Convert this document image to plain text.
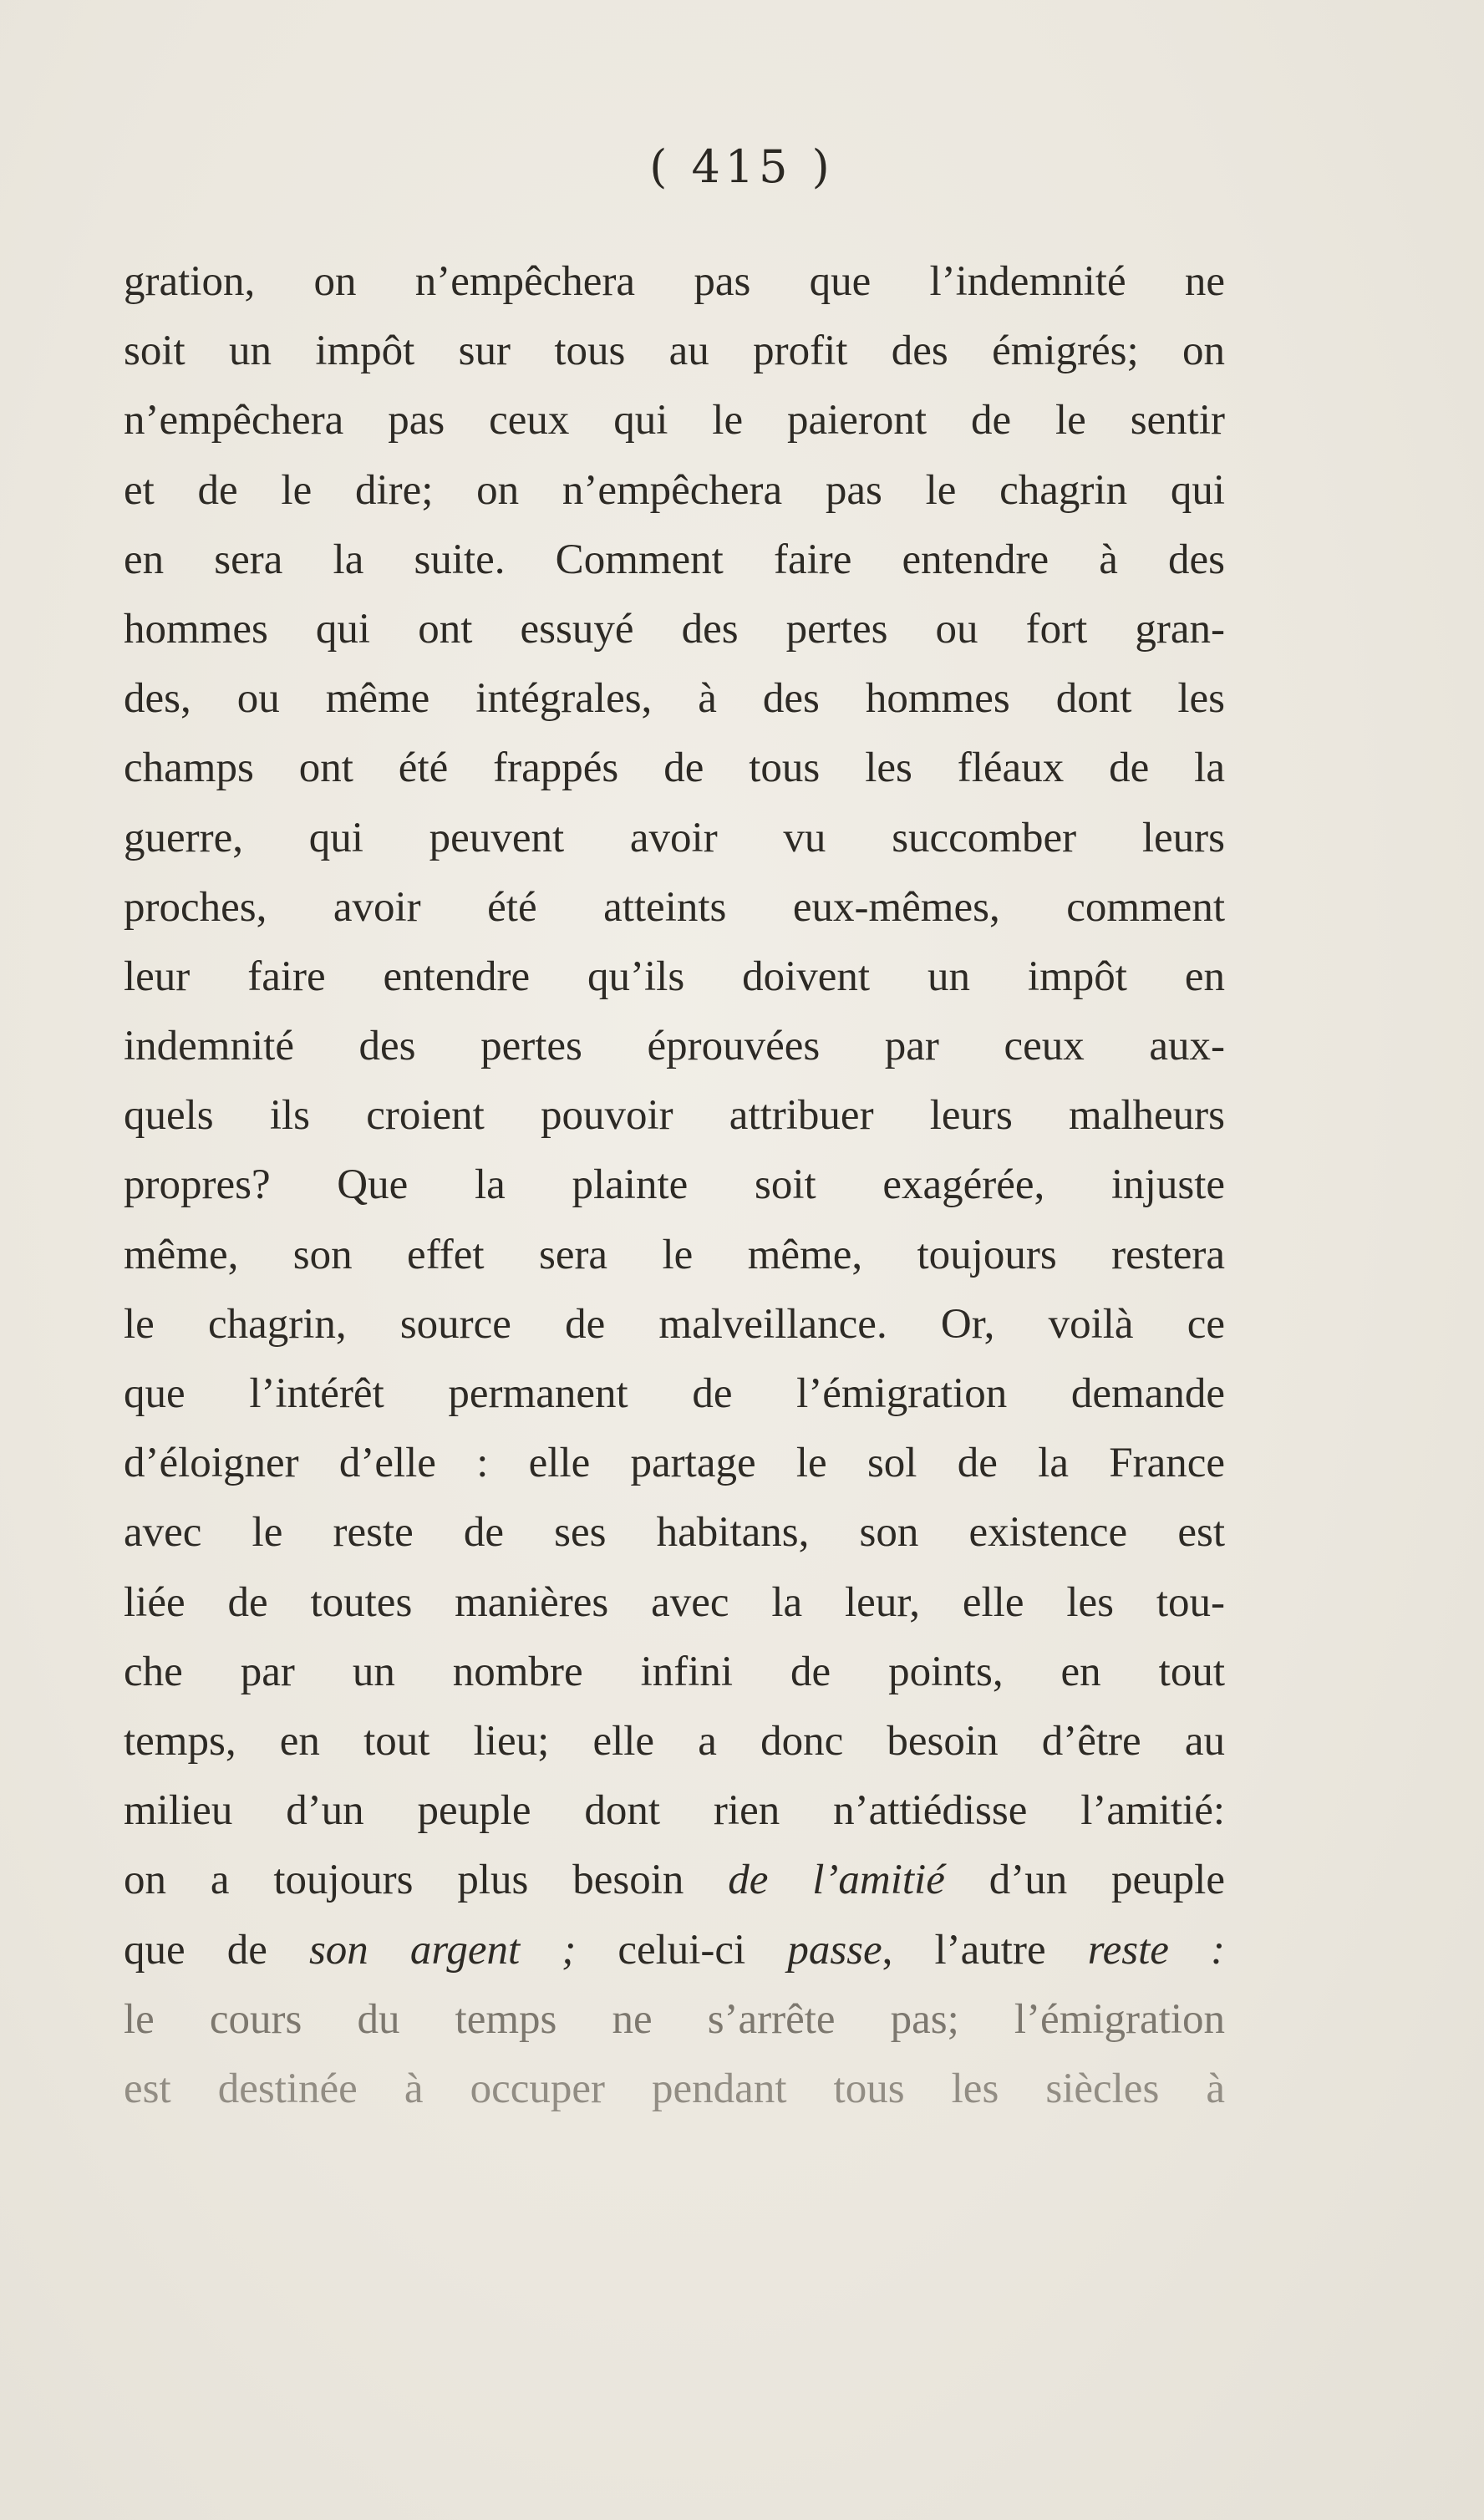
( 415 )
gration, on n’empêchera pas que l’indemnité ne
soit un impôt sur tous au profit des émigrés; on
n’empêchera pas ceux qui le paieront de le sentir
et de le dire; on n’empêchera pas le chagrin qui
en sera la suite. Comment faire entendre à des
hommes qui ont essuyé des pertes ou fort gran-
des, ou même intégrales, à des hommes dont les
champs ont été frappés de tous les fléaux de la
guerre, qui peuvent avoir vu succomber leurs
proches, avoir été atteints eux-mêmes, comment
leur faire entendre qu’ils doivent un impôt en
indemnité des pertes éprouvées par ceux aux-
quels ils croient pouvoir attribuer leurs malheurs
propres? Que la plainte soit exagérée, injuste
même, son effet sera le même, toujours restera
le chagrin, source de malveillance. Or, voilà ce
que l’intérêt permanent de l’émigration demande
d’éloigner d’elle : elle partage le sol de la France
avec le reste de ses habitans, son existence est
liée de toutes manières avec la leur, elle les tou-
che par un nombre infini de points, en tout
temps, en tout lieu; elle a donc besoin d’être au
milieu d’un peuple dont rien n’attiédisse l’amitié:
on a toujours plus besoin de l’amitié d’un peuple
que de son argent ; celui-ci passe, l’autre reste :
le cours du temps ne s’arrête pas; l’émigration
est destinée à occuper pendant tous les siècles à
